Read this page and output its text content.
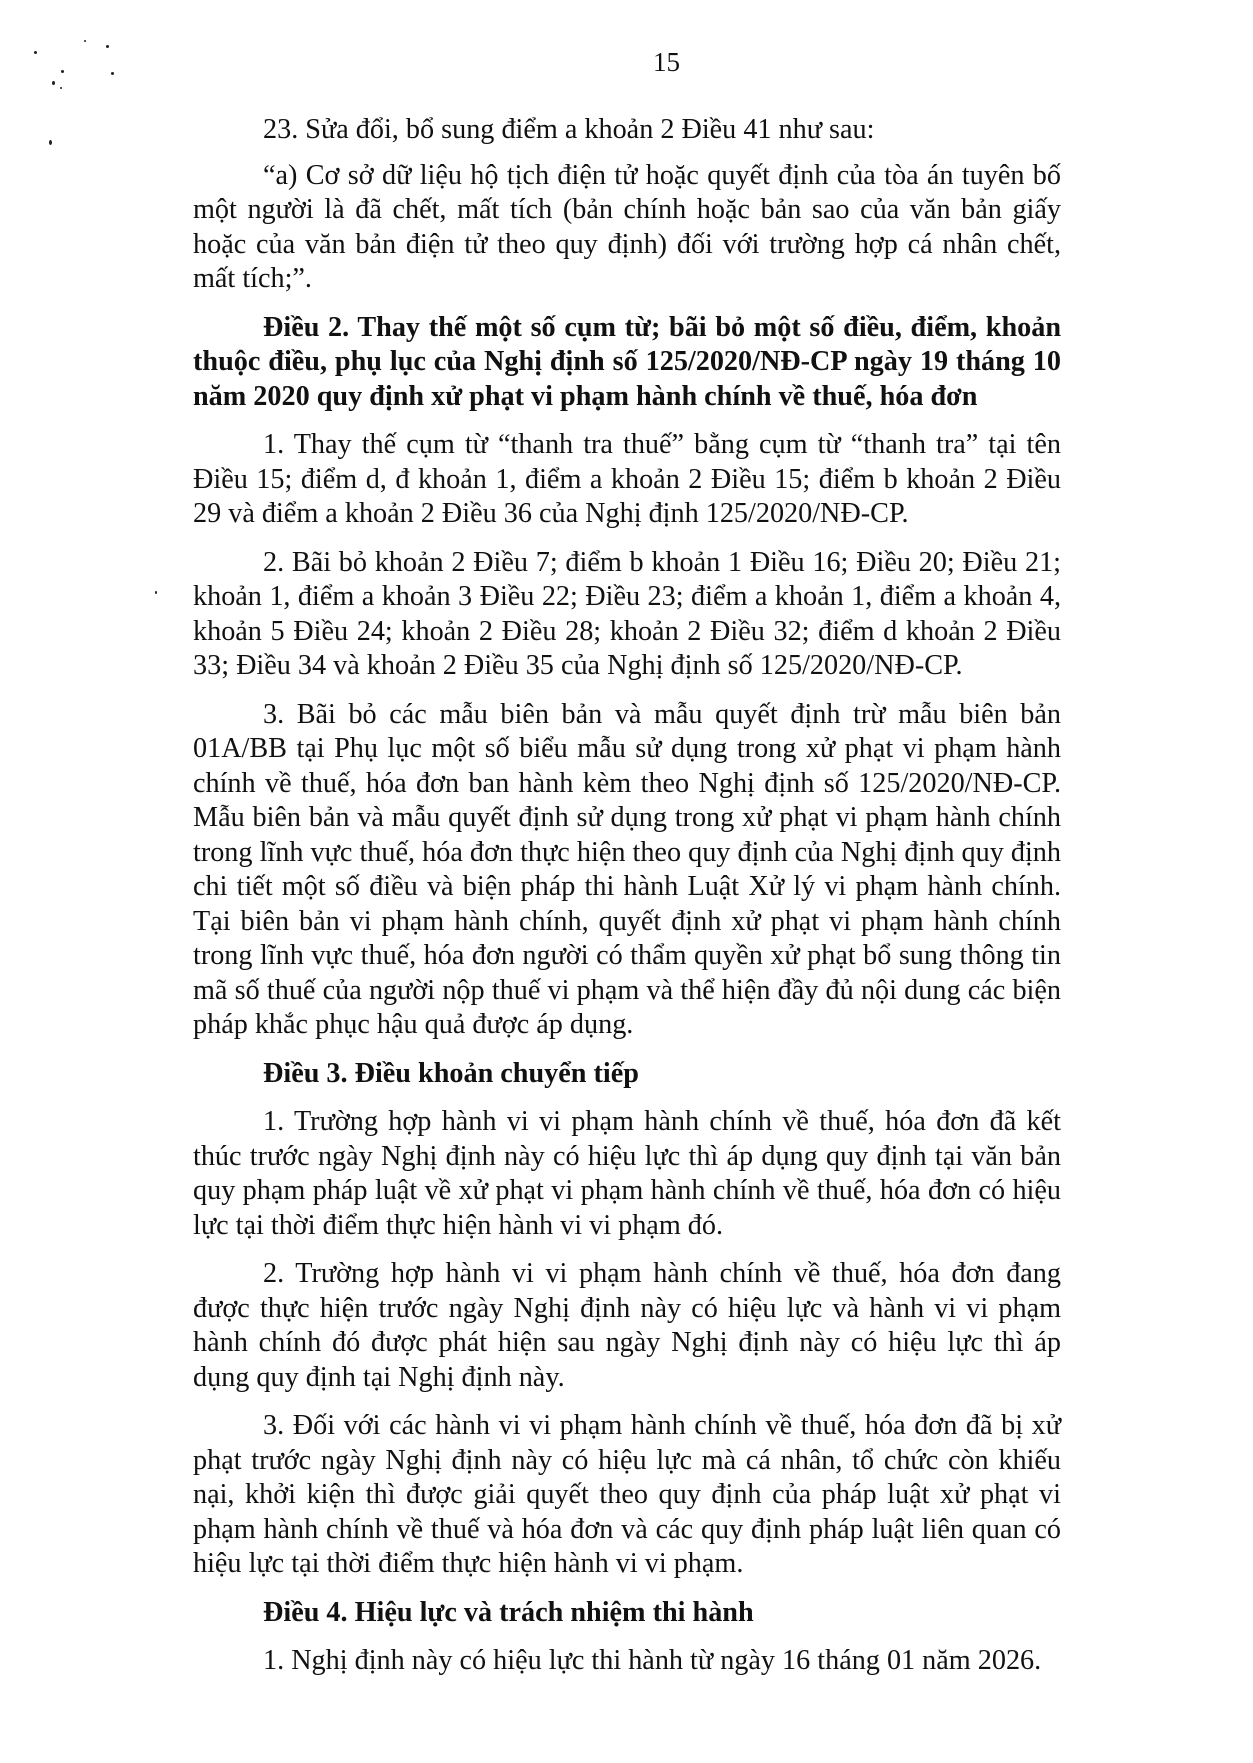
15

23. Sửa đổi, bổ sung điểm a khoản 2 Điều 41 như sau:

“a) Cơ sở dữ liệu hộ tịch điện tử hoặc quyết định của tòa án tuyên bố một người là đã chết, mất tích (bản chính hoặc bản sao của văn bản giấy hoặc của văn bản điện tử theo quy định) đối với trường hợp cá nhân chết, mất tích;”.

Điều 2. Thay thế một số cụm từ; bãi bỏ một số điều, điểm, khoản thuộc điều, phụ lục của Nghị định số 125/2020/NĐ-CP ngày 19 tháng 10 năm 2020 quy định xử phạt vi phạm hành chính về thuế, hóa đơn

1. Thay thế cụm từ “thanh tra thuế” bằng cụm từ “thanh tra” tại tên Điều 15; điểm d, đ khoản 1, điểm a khoản 2 Điều 15; điểm b khoản 2 Điều 29 và điểm a khoản 2 Điều 36 của Nghị định 125/2020/NĐ-CP.

2. Bãi bỏ khoản 2 Điều 7; điểm b khoản 1 Điều 16; Điều 20; Điều 21; khoản 1, điểm a khoản 3 Điều 22; Điều 23; điểm a khoản 1, điểm a khoản 4, khoản 5 Điều 24; khoản 2 Điều 28; khoản 2 Điều 32; điểm d khoản 2 Điều 33; Điều 34 và khoản 2 Điều 35 của Nghị định số 125/2020/NĐ-CP.

3. Bãi bỏ các mẫu biên bản và mẫu quyết định trừ mẫu biên bản 01A/BB tại Phụ lục một số biểu mẫu sử dụng trong xử phạt vi phạm hành chính về thuế, hóa đơn ban hành kèm theo Nghị định số 125/2020/NĐ-CP. Mẫu biên bản và mẫu quyết định sử dụng trong xử phạt vi phạm hành chính trong lĩnh vực thuế, hóa đơn thực hiện theo quy định của Nghị định quy định chi tiết một số điều và biện pháp thi hành Luật Xử lý vi phạm hành chính. Tại biên bản vi phạm hành chính, quyết định xử phạt vi phạm hành chính trong lĩnh vực thuế, hóa đơn người có thẩm quyền xử phạt bổ sung thông tin mã số thuế của người nộp thuế vi phạm và thể hiện đầy đủ nội dung các biện pháp khắc phục hậu quả được áp dụng.

Điều 3. Điều khoản chuyển tiếp

1. Trường hợp hành vi vi phạm hành chính về thuế, hóa đơn đã kết thúc trước ngày Nghị định này có hiệu lực thì áp dụng quy định tại văn bản quy phạm pháp luật về xử phạt vi phạm hành chính về thuế, hóa đơn có hiệu lực tại thời điểm thực hiện hành vi vi phạm đó.

2. Trường hợp hành vi vi phạm hành chính về thuế, hóa đơn đang được thực hiện trước ngày Nghị định này có hiệu lực và hành vi vi phạm hành chính đó được phát hiện sau ngày Nghị định này có hiệu lực thì áp dụng quy định tại Nghị định này.

3. Đối với các hành vi vi phạm hành chính về thuế, hóa đơn đã bị xử phạt trước ngày Nghị định này có hiệu lực mà cá nhân, tổ chức còn khiếu nại, khởi kiện thì được giải quyết theo quy định của pháp luật xử phạt vi phạm hành chính về thuế và hóa đơn và các quy định pháp luật liên quan có hiệu lực tại thời điểm thực hiện hành vi vi phạm.

Điều 4. Hiệu lực và trách nhiệm thi hành

1. Nghị định này có hiệu lực thi hành từ ngày 16 tháng 01 năm 2026.
